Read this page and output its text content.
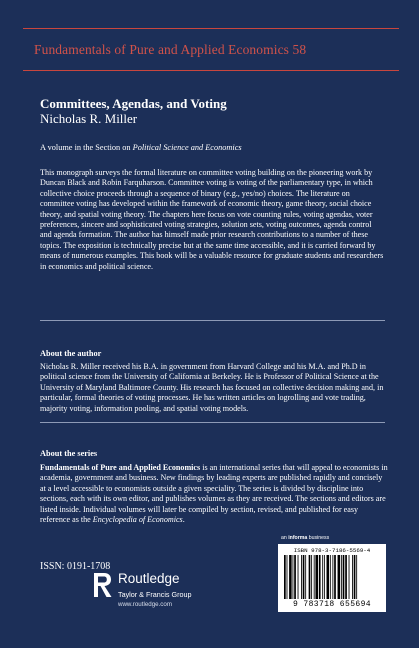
Fundamentals of Pure and Applied Economics 58
Committees, Agendas, and Voting
Nicholas R. Miller
A volume in the Section on Political Science and Economics
This monograph surveys the formal literature on committee voting building on the pioneering work by Duncan Black and Robin Farquharson. Committee voting is voting of the parliamentary type, in which collective choice proceeds through a sequence of binary (e.g., yes/no) choices. The literature on committee voting has developed within the framework of economic theory, game theory, social choice theory, and spatial voting theory. The chapters here focus on vote counting rules, voting agendas, voter preferences, sincere and sophisticated voting strategies, solution sets, voting outcomes, agenda control and agenda formation. The author has himself made prior research contributions to a number of these topics. The exposition is technically precise but at the same time accessible, and it is carried forward by means of numerous examples. This book will be a valuable resource for graduate students and researchers in economics and political science.
About the author
Nicholas R. Miller received his B.A. in government from Harvard College and his M.A. and Ph.D in political science from the University of California at Berkeley. He is Professor of Political Science at the University of Maryland Baltimore County. His research has focused on collective decision making and, in particular, formal theories of voting processes. He has written articles on logrolling and vote trading, majority voting, information pooling, and spatial voting models.
About the series
Fundamentals of Pure and Applied Economics is an international series that will appeal to economists in academia, government and business. New findings by leading experts are published rapidly and concisely at a level accessible to economists outside a given speciality. The series is divided by discipline into sections, each with its own editor, and publishes volumes as they are received. The sections and editors are listed inside. Individual volumes will later be compiled by section, revised, and published for easy reference as the Encyclopedia of Economics.
ISSN: 0191-1708
Routledge
Taylor & Francis Group
www.routledge.com
an informa business
ISBN 978-3-7186-5569-4
9 783718 655694
